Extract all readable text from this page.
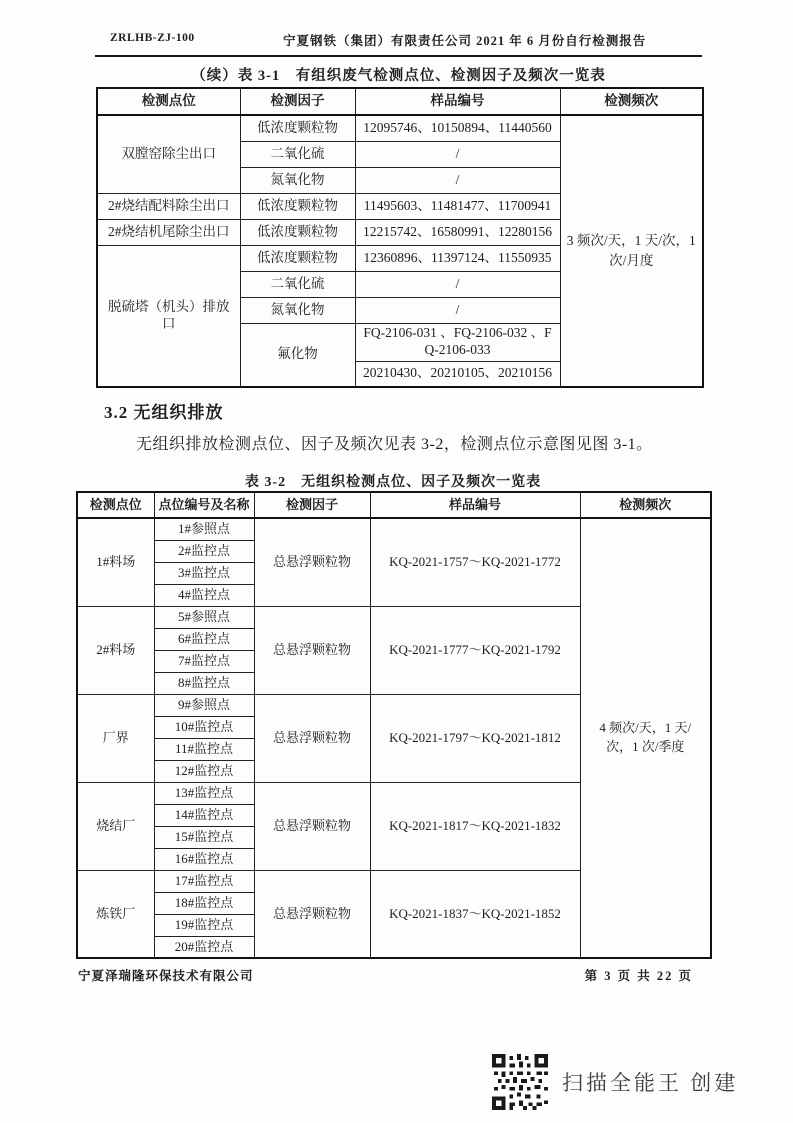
ZRLHB-ZJ-100	宁夏钢铁（集团）有限责任公司 2021 年 6 月份自行检测报告
（续）表 3-1　有组织废气检测点位、检测因子及频次一览表
检测点位	检测因子	样品编号	检测频次
双膛窑除尘出口	低浓度颗粒物	12095746、10150894、11440560	3 频次/天，1 天/次，1 次/月度
	二氧化硫	/	
	氮氧化物	/	
2#烧结配料除尘出口	低浓度颗粒物	11495603、11481477、11700941	
2#烧结机尾除尘出口	低浓度颗粒物	12215742、16580991、12280156	
脱硫塔（机头）排放口	低浓度颗粒物	12360896、11397124、11550935	
	二氧化硫	/	
	氮氧化物	/	
	氟化物	FQ-2106-031 、FQ-2106-032 、FQ-2106-033	
		20210430、20210105、20210156	
3.2 无组织排放
无组织排放检测点位、因子及频次见表 3-2，检测点位示意图见图 3-1。
表 3-2　无组织检测点位、因子及频次一览表
检测点位	点位编号及名称	检测因子	样品编号	检测频次
1#料场	1#参照点	总悬浮颗粒物	KQ-2021-1757～KQ-2021-1772	4 频次/天，1 天/次，1 次/季度
	2#监控点			
	3#监控点			
	4#监控点			
2#料场	5#参照点	总悬浮颗粒物	KQ-2021-1777～KQ-2021-1792	
	6#监控点			
	7#监控点			
	8#监控点			
厂界	9#参照点	总悬浮颗粒物	KQ-2021-1797～KQ-2021-1812	
	10#监控点			
	11#监控点			
	12#监控点			
烧结厂	13#监控点	总悬浮颗粒物	KQ-2021-1817～KQ-2021-1832	
	14#监控点			
	15#监控点			
	16#监控点			
炼铁厂	17#监控点	总悬浮颗粒物	KQ-2021-1837～KQ-2021-1852	
	18#监控点			
	19#监控点			
	20#监控点			
宁夏泽瑞隆环保技术有限公司	第 3 页 共 22 页
扫描全能王 创建
